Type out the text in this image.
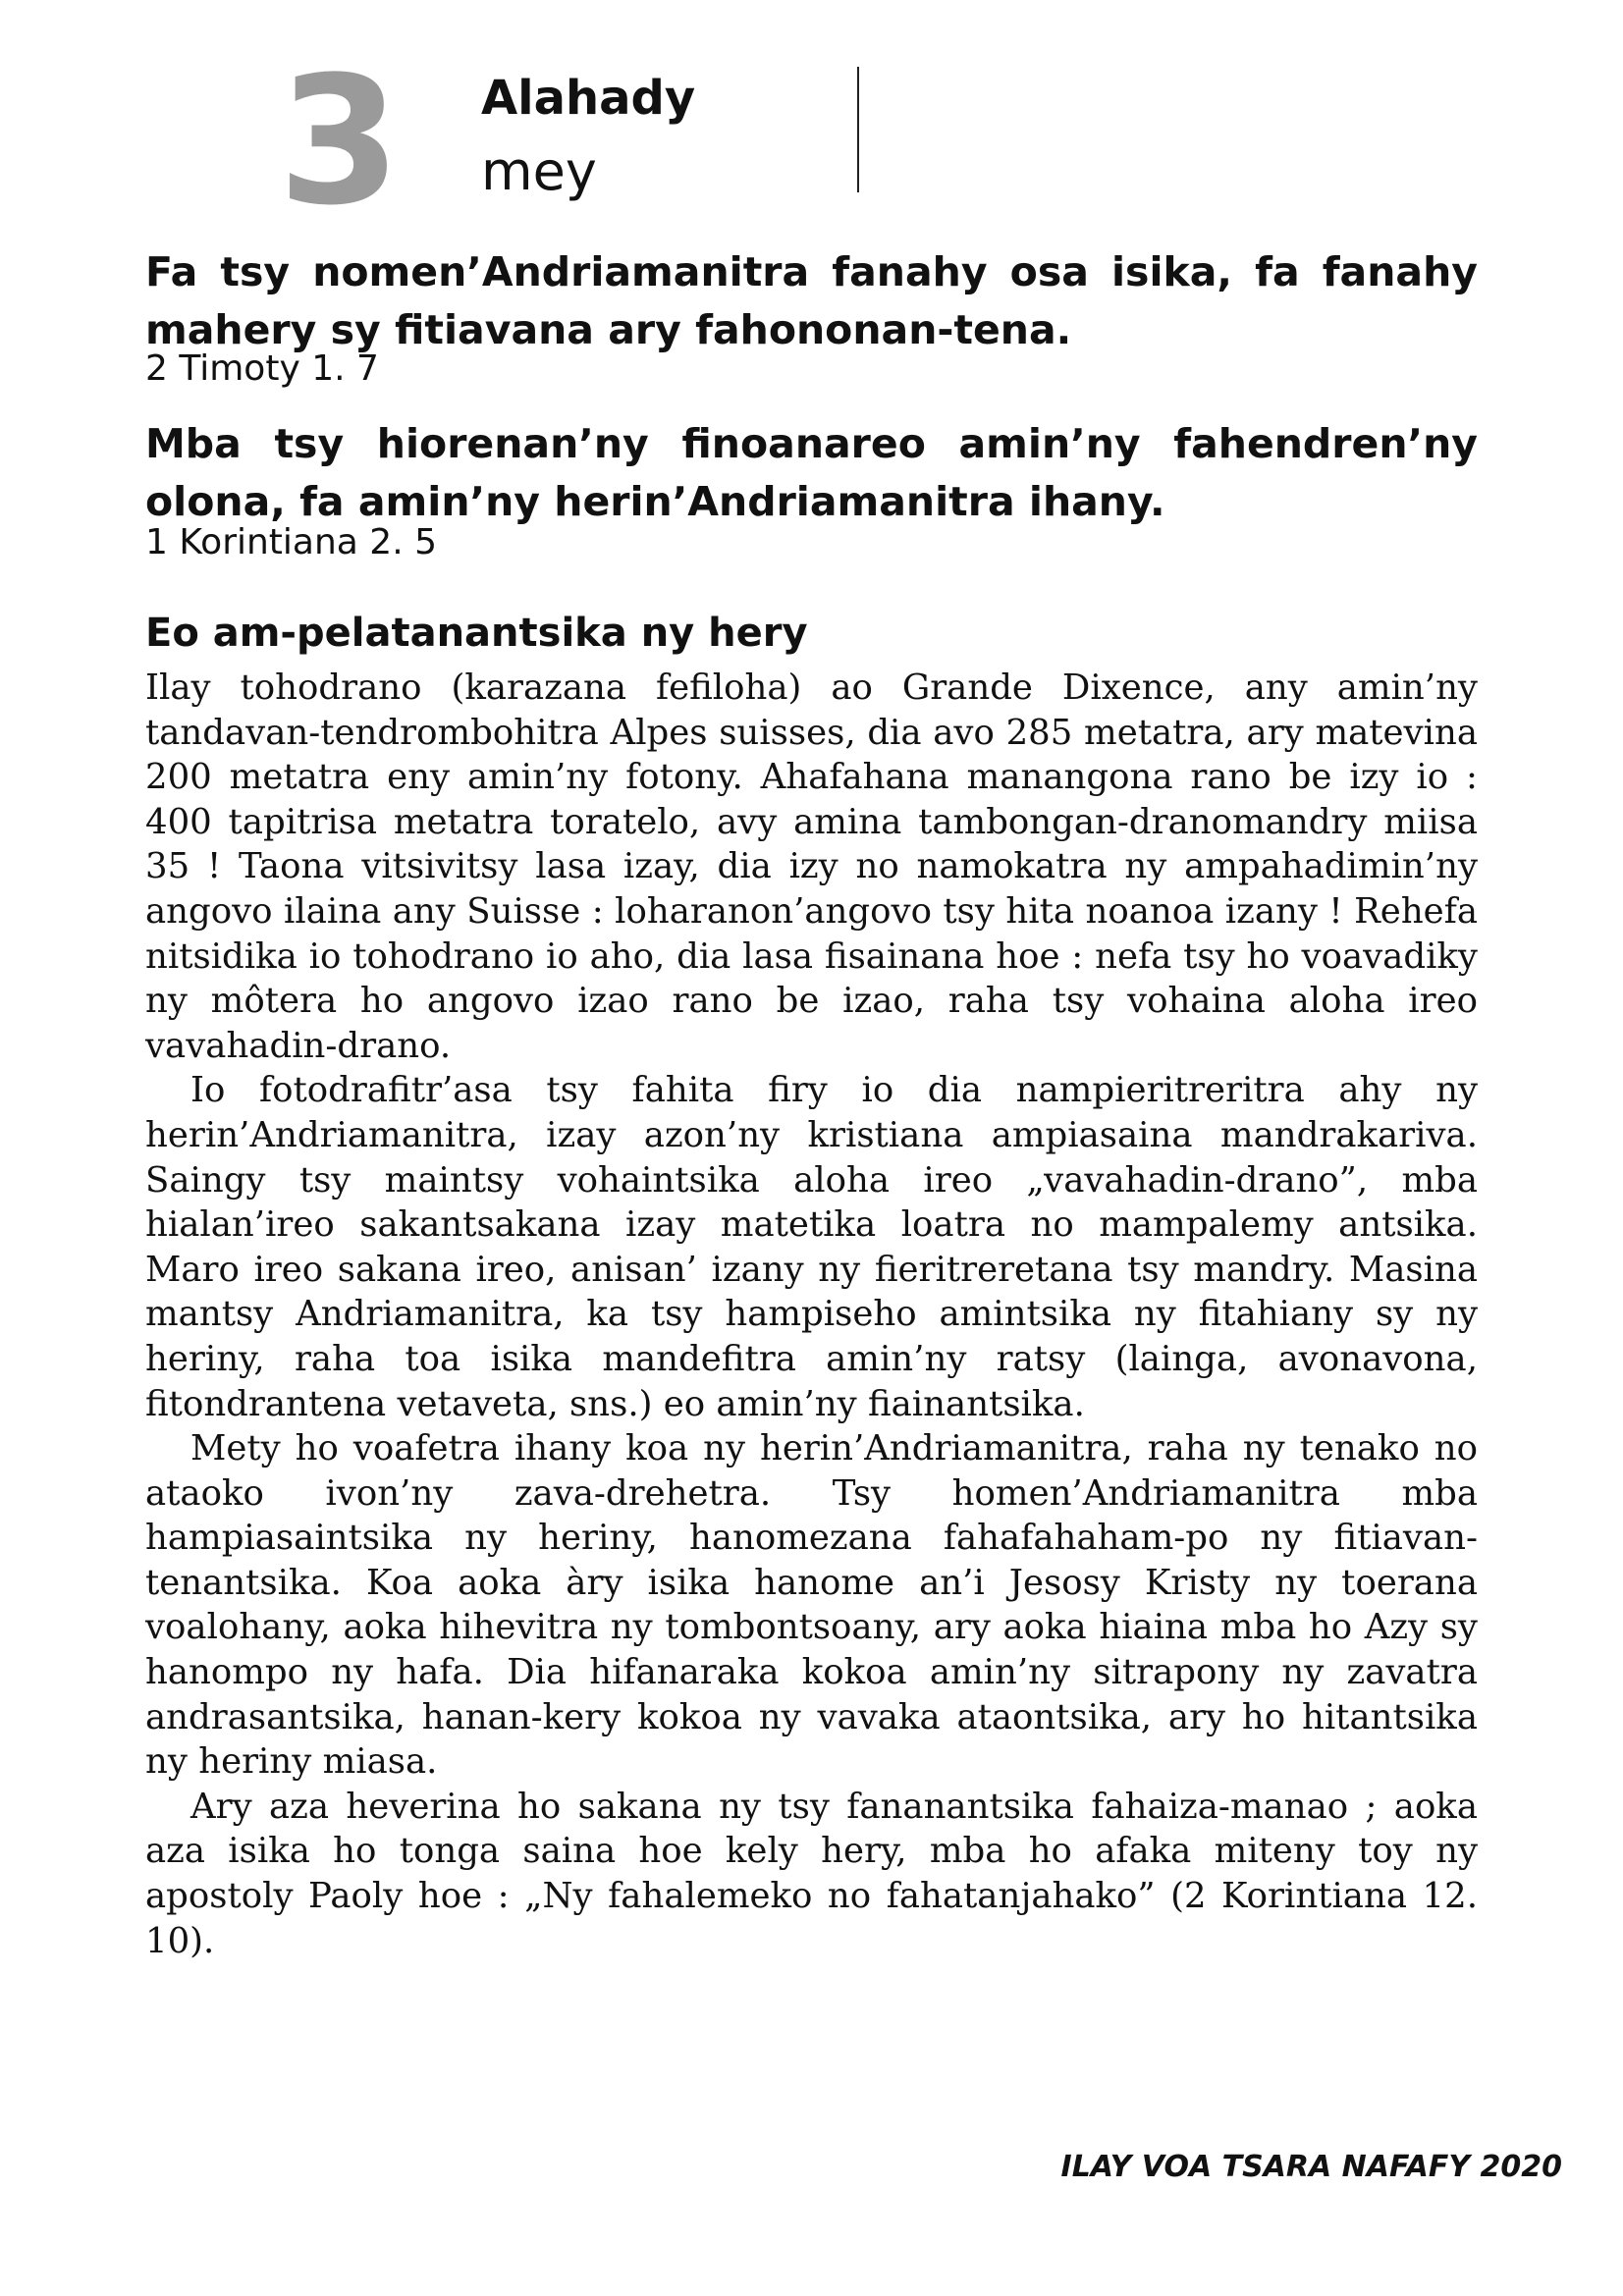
3 Alahady
mey

Fa tsy nomen’Andriamanitra fanahy osa isika, fa fanahy mahery sy fitiavana ary fahononan-tena.

2 Timoty 1. 7

Mba tsy hiorenan’ny finoanareo amin’ny fahendren’ny olona, fa amin’ny herin’Andriamanitra ihany.

1 Korintiana 2. 5
Eo am-pelatanantsika ny hery

Ilay tohodrano (karazana fefiloha) ao Grande Dixence, any amin’ny tandavan-tendrombohitra Alpes suisses, dia avo 285 metatra, ary matevina 200 metatra eny amin’ny fotony. Ahafahana manangona rano be izy io : 400 tapitrisa metatra toratelo, avy amina tambongan-dranomandry miisa 35 ! Taona vitsivitsy lasa izay, dia izy no namokatra ny ampahadimin’ny angovo ilaina any Suisse : loharanon’angovo tsy hita noanoa izany ! Rehefa nitsidika io tohodrano io aho, dia lasa fisainana hoe : nefa tsy ho voavadiky ny môtera ho angovo izao rano be izao, raha tsy vohaina aloha ireo vavahadin-drano.

Io fotodrafitr’asa tsy fahita firy io dia nampieritreritra ahy ny herin’Andriamanitra, izay azon’ny kristiana ampiasaina mandrakariva. Saingy tsy maintsy vohaintsika aloha ireo „vavahadin-drano”, mba hialan’ireo sakantsakana izay matetika loatra no mampalemy antsika. Maro ireo sakana ireo, anisan’ izany ny fieritreretana tsy mandry. Masina mantsy Andriamanitra, ka tsy hampiseho amintsika ny fitahiany sy ny heriny, raha toa isika mandefitra amin’ny ratsy (lainga, avonavona, fitondrantena vetaveta, sns.) eo amin’ny fiainantsika.

Mety ho voafetra ihany koa ny herin’Andriamanitra, raha ny tenako no ataoko ivon’ny zava-drehetra. Tsy homen’Andriamanitra mba hampiasaintsika ny heriny, hanomezana fahafahaham-po ny fitiavan-tenantsika. Koa aoka àry isika hanome an’i Jesosy Kristy ny toerana voalohany, aoka hihevitra ny tombontsoany, ary aoka hiaina mba ho Azy sy hanompo ny hafa. Dia hifanaraka kokoa amin’ny sitrapony ny zavatra andrasantsika, hanan-kery kokoa ny vavaka ataontsika, ary ho hitantsika ny heriny miasa.

Ary aza heverina ho sakana ny tsy fananantsika fahaiza-manao ; aoka aza isika ho tonga saina hoe kely hery, mba ho afaka miteny toy ny apostoly Paoly hoe : „Ny fahalemeko no fahatanjahako” (2 Korintiana 12. 10).

ILAY VOA TSARA NAFAFY 2020
